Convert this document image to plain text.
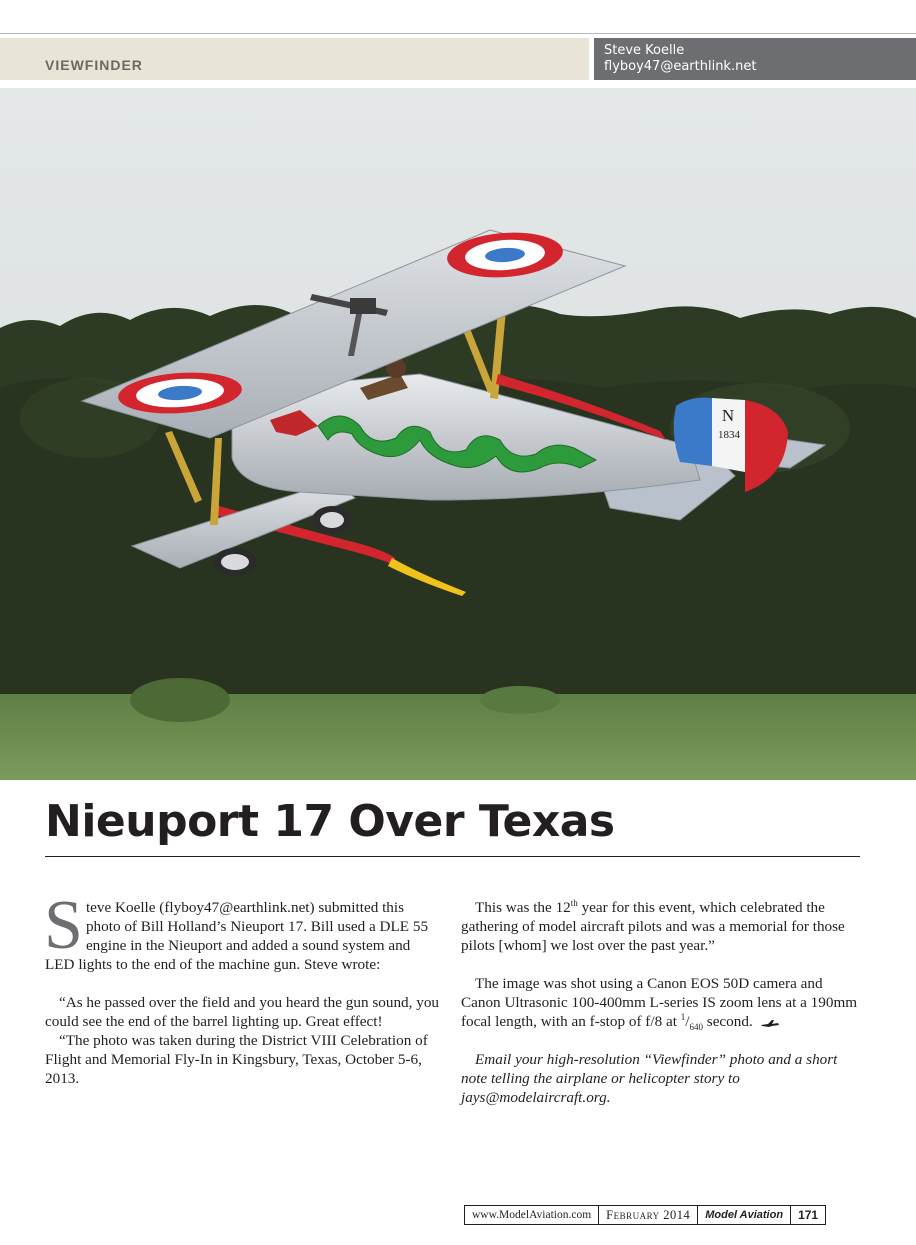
VIEWFINDER
Steve Koelle
flyboy47@earthlink.net
N
1834
Nieuport 17 Over Texas

Steve Koelle (flyboy47@earthlink.net) submitted this photo of Bill Holland’s Nieuport 17. Bill used a DLE 55 engine in the Nieuport and added a sound system and LED lights to the end of the machine gun. Steve wrote:

“As he passed over the field and you heard the gun sound, you could see the end of the barrel lighting up. Great effect!

“The photo was taken during the District VIII Celebration of Flight and Memorial Fly-In in Kingsbury, Texas, October 5-6, 2013.

This was the 12th year for this event, which celebrated the gathering of model aircraft pilots and was a memorial for those pilots [whom] we lost over the past year.”

The image was shot using a Canon EOS 50D camera and Canon Ultrasonic 100-400mm L-series IS zoom lens at a 190mm focal length, with an f-stop of f/8 at $^1/_{640}$ second.

Email your high-resolution “Viewfinder” photo and a short note telling the airplane or helicopter story to jays@modelaircraft.org.

www.ModelAviation.com	February 2014	Model Aviation	171
